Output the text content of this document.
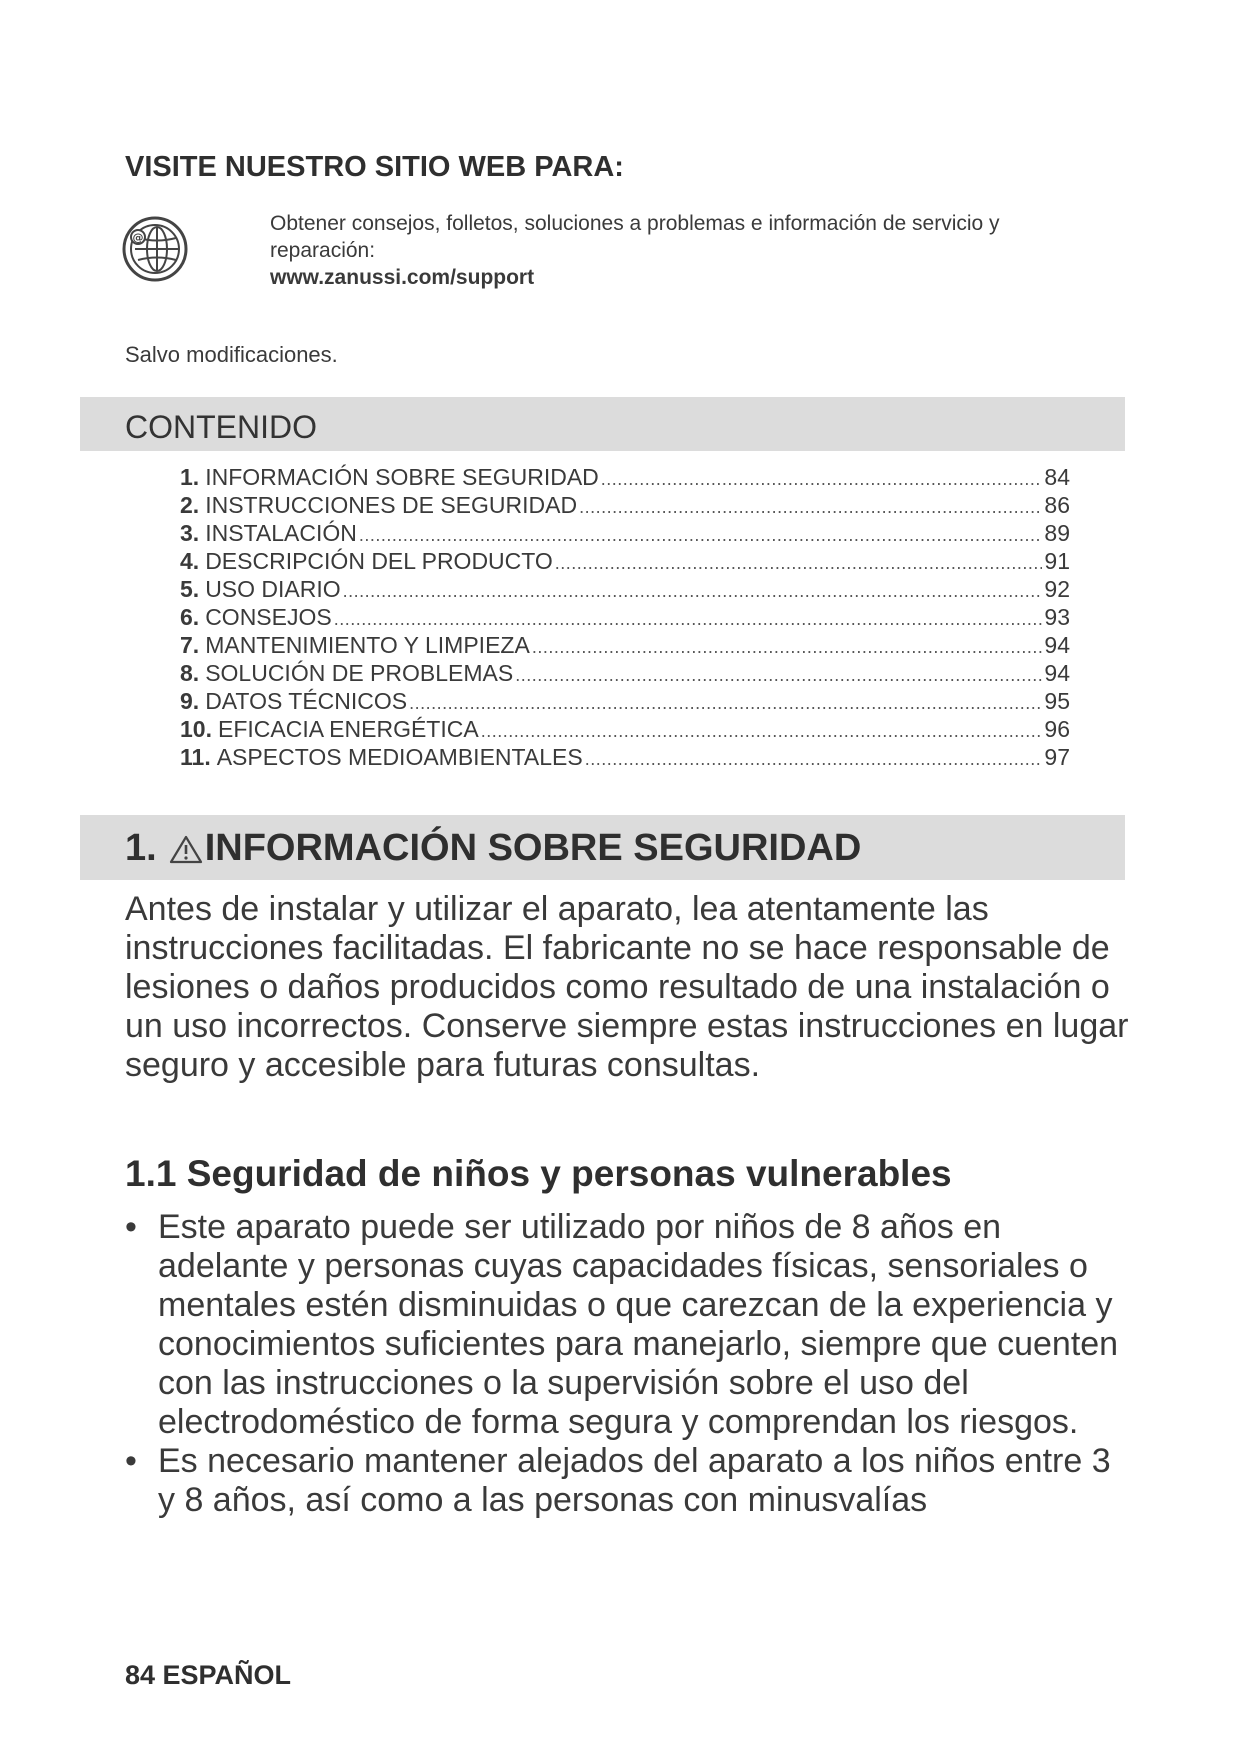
VISITE NUESTRO SITIO WEB PARA:
@
Obtener consejos, folletos, soluciones a problemas e información de servicio y reparación:
www.zanussi.com/support
Salvo modificaciones.
CONTENIDO
1. INFORMACIÓN SOBRE SEGURIDAD .....	84
2. INSTRUCCIONES DE SEGURIDAD .....	86
3. INSTALACIÓN .....	89
4. DESCRIPCIÓN DEL PRODUCTO .....	91
5. USO DIARIO .....	92
6. CONSEJOS .....	93
7. MANTENIMIENTO Y LIMPIEZA .....	94
8. SOLUCIÓN DE PROBLEMAS .....	94
9. DATOS TÉCNICOS .....	95
10. EFICACIA ENERGÉTICA .....	96
11. ASPECTOS MEDIOAMBIENTALES .....	97
1. INFORMACIÓN SOBRE SEGURIDAD
Antes de instalar y utilizar el aparato, lea atentamente las instrucciones facilitadas. El fabricante no se hace responsable de lesiones o daños producidos como resultado de una instalación o un uso incorrectos. Conserve siempre estas instrucciones en lugar seguro y accesible para futuras consultas.
1.1 Seguridad de niños y personas vulnerables
• Este aparato puede ser utilizado por niños de 8 años en adelante y personas cuyas capacidades físicas, sensoriales o mentales estén disminuidas o que carezcan de la experiencia y conocimientos suficientes para manejarlo, siempre que cuenten con las instrucciones o la supervisión sobre el uso del electrodoméstico de forma segura y comprendan los riesgos.
• Es necesario mantener alejados del aparato a los niños entre 3 y 8 años, así como a las personas con minusvalías
84 ESPAÑOL
